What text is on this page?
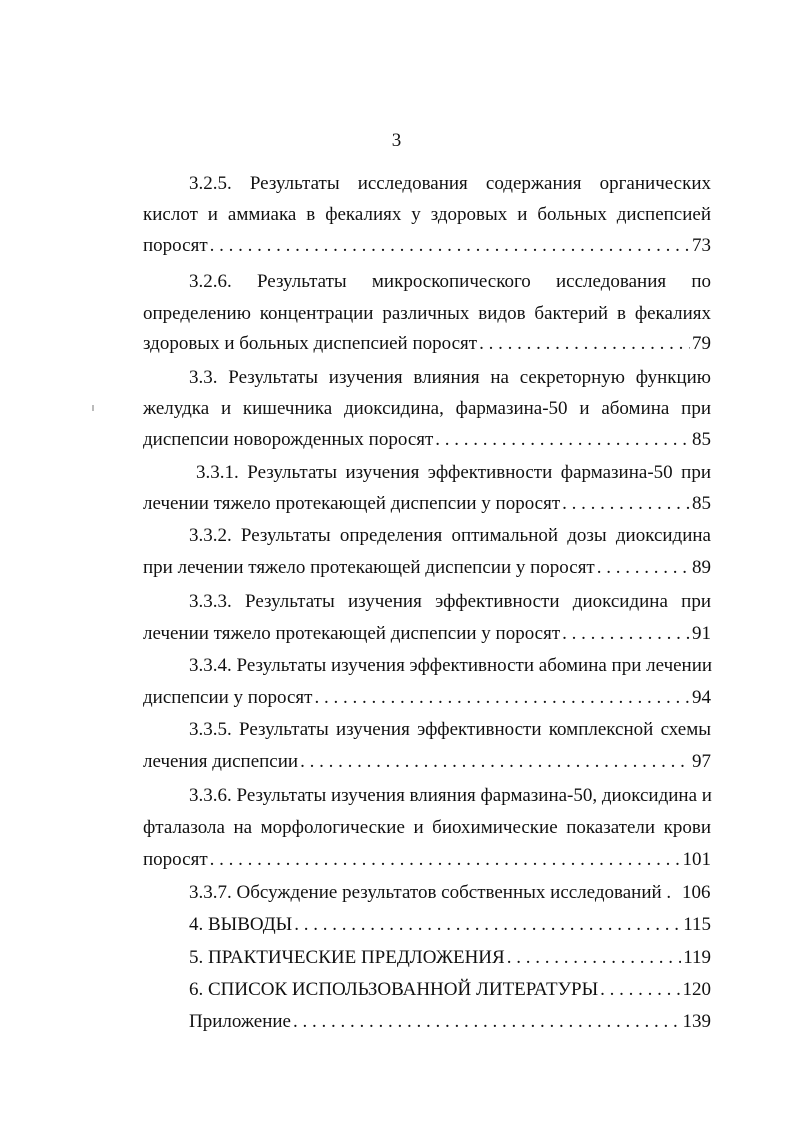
3
3.2.5. Результаты исследования содержания органических
кислот и аммиака в фекалиях у здоровых и больных диспепсией
поросят . . .	73
3.2.6. Результаты микроскопического исследования по
определению концентрации различных видов бактерий в фекалиях
здоровых и больных диспепсией поросят . . .	79
3.3. Результаты изучения влияния на секреторную функцию
желудка и кишечника диоксидина, фармазина-50 и абомина при
диспепсии новорожденных поросят . . .	85
3.3.1. Результаты изучения эффективности фармазина-50 при
лечении тяжело протекающей диспепсии у поросят . . .	85
3.3.2. Результаты определения оптимальной дозы диоксидина
при лечении тяжело протекающей диспепсии у поросят . . .	89
3.3.3. Результаты изучения эффективности диоксидина при
лечении тяжело протекающей диспепсии у поросят . . .	91
3.3.4. Результаты изучения эффективности абомина при лечении
диспепсии у поросят . . .	94
3.3.5. Результаты изучения эффективности комплексной схемы
лечения диспепсии . . .	97
3.3.6. Результаты изучения влияния фармазина-50, диоксидина и
фталазола на морфологические и биохимические показатели крови
поросят . . .	101
3.3.7. Обсуждение результатов собственных исследований . 106
4. ВЫВОДЫ . . .	115
5. ПРАКТИЧЕСКИЕ ПРЕДЛОЖЕНИЯ . . .	119
6. СПИСОК ИСПОЛЬЗОВАННОЙ ЛИТЕРАТУРЫ . . .	120
Приложение . . .	139
